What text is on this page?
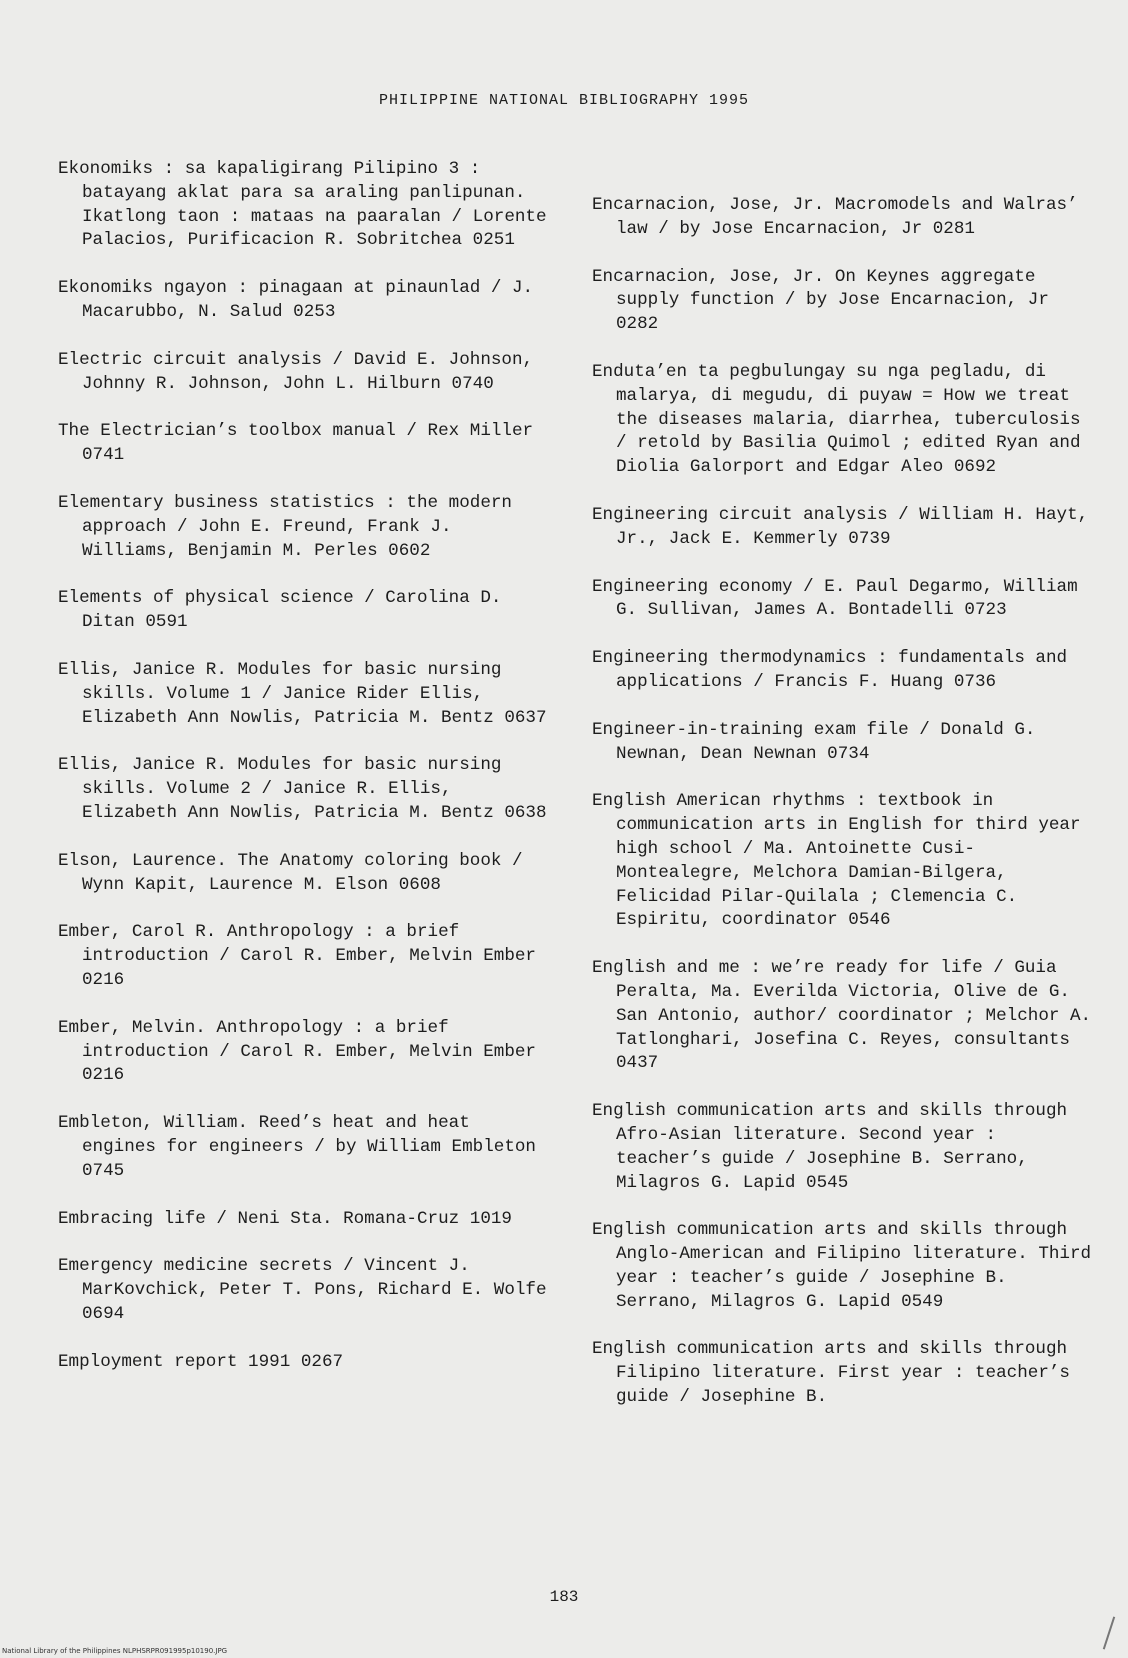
PHILIPPINE NATIONAL BIBLIOGRAPHY 1995

Ekonomiks : sa kapaligirang Pilipino 3 : batayang aklat para sa araling panlipunan. Ikatlong taon : mataas na paaralan / Lorente Palacios, Purificacion R. Sobritchea 0251

Ekonomiks ngayon : pinagaan at pinaunlad / J. Macarubbo, N. Salud 0253

Electric circuit analysis / David E. Johnson, Johnny R. Johnson, John L. Hilburn 0740

The Electrician’s toolbox manual / Rex Miller 0741

Elementary business statistics : the modern approach / John E. Freund, Frank J. Williams, Benjamin M. Perles 0602

Elements of physical science / Carolina D. Ditan 0591

Ellis, Janice R. Modules for basic nursing skills. Volume 1 / Janice Rider Ellis, Elizabeth Ann Nowlis, Patricia M. Bentz 0637

Ellis, Janice R. Modules for basic nursing skills. Volume 2 / Janice R. Ellis, Elizabeth Ann Nowlis, Patricia M. Bentz 0638

Elson, Laurence. The Anatomy coloring book / Wynn Kapit, Laurence M. Elson 0608

Ember, Carol R. Anthropology : a brief introduction / Carol R. Ember, Melvin Ember 0216

Ember, Melvin. Anthropology : a brief introduction / Carol R. Ember, Melvin Ember 0216

Embleton, William. Reed’s heat and heat engines for engineers / by William Embleton 0745

Embracing life / Neni Sta. Romana-Cruz 1019

Emergency medicine secrets / Vincent J. MarKovchick, Peter T. Pons, Richard E. Wolfe 0694

Employment report 1991 0267

Encarnacion, Jose, Jr. Macromodels and Walras’ law / by Jose Encarnacion, Jr 0281

Encarnacion, Jose, Jr. On Keynes aggregate supply function / by Jose Encarnacion, Jr 0282

Enduta’en ta pegbulungay su nga pegladu, di malarya, di megudu, di puyaw = How we treat the diseases malaria, diarrhea, tuberculosis / retold by Basilia Quimol ; edited Ryan and Diolia Galorport and Edgar Aleo 0692

Engineering circuit analysis / William H. Hayt, Jr., Jack E. Kemmerly 0739

Engineering economy / E. Paul Degarmo, William G. Sullivan, James A. Bontadelli 0723

Engineering thermodynamics : fundamentals and applications / Francis F. Huang 0736

Engineer-in-training exam file / Donald G. Newnan, Dean Newnan 0734

English American rhythms : textbook in communication arts in English for third year high school / Ma. Antoinette Cusi-Montealegre, Melchora Damian-Bilgera, Felicidad Pilar-Quilala ; Clemencia C. Espiritu, coordinator 0546

English and me : we’re ready for life / Guia Peralta, Ma. Everilda Victoria, Olive de G. San Antonio, author/ coordinator ; Melchor A. Tatlonghari, Josefina C. Reyes, consultants 0437

English communication arts and skills through Afro-Asian literature. Second year : teacher’s guide / Josephine B. Serrano, Milagros G. Lapid 0545

English communication arts and skills through Anglo-American and Filipino literature. Third year : teacher’s guide / Josephine B. Serrano, Milagros G. Lapid 0549

English communication arts and skills through Filipino literature. First year : teacher’s guide / Josephine B.

183
National Library of the Philippines NLPHSRPR091995p10190.JPG
